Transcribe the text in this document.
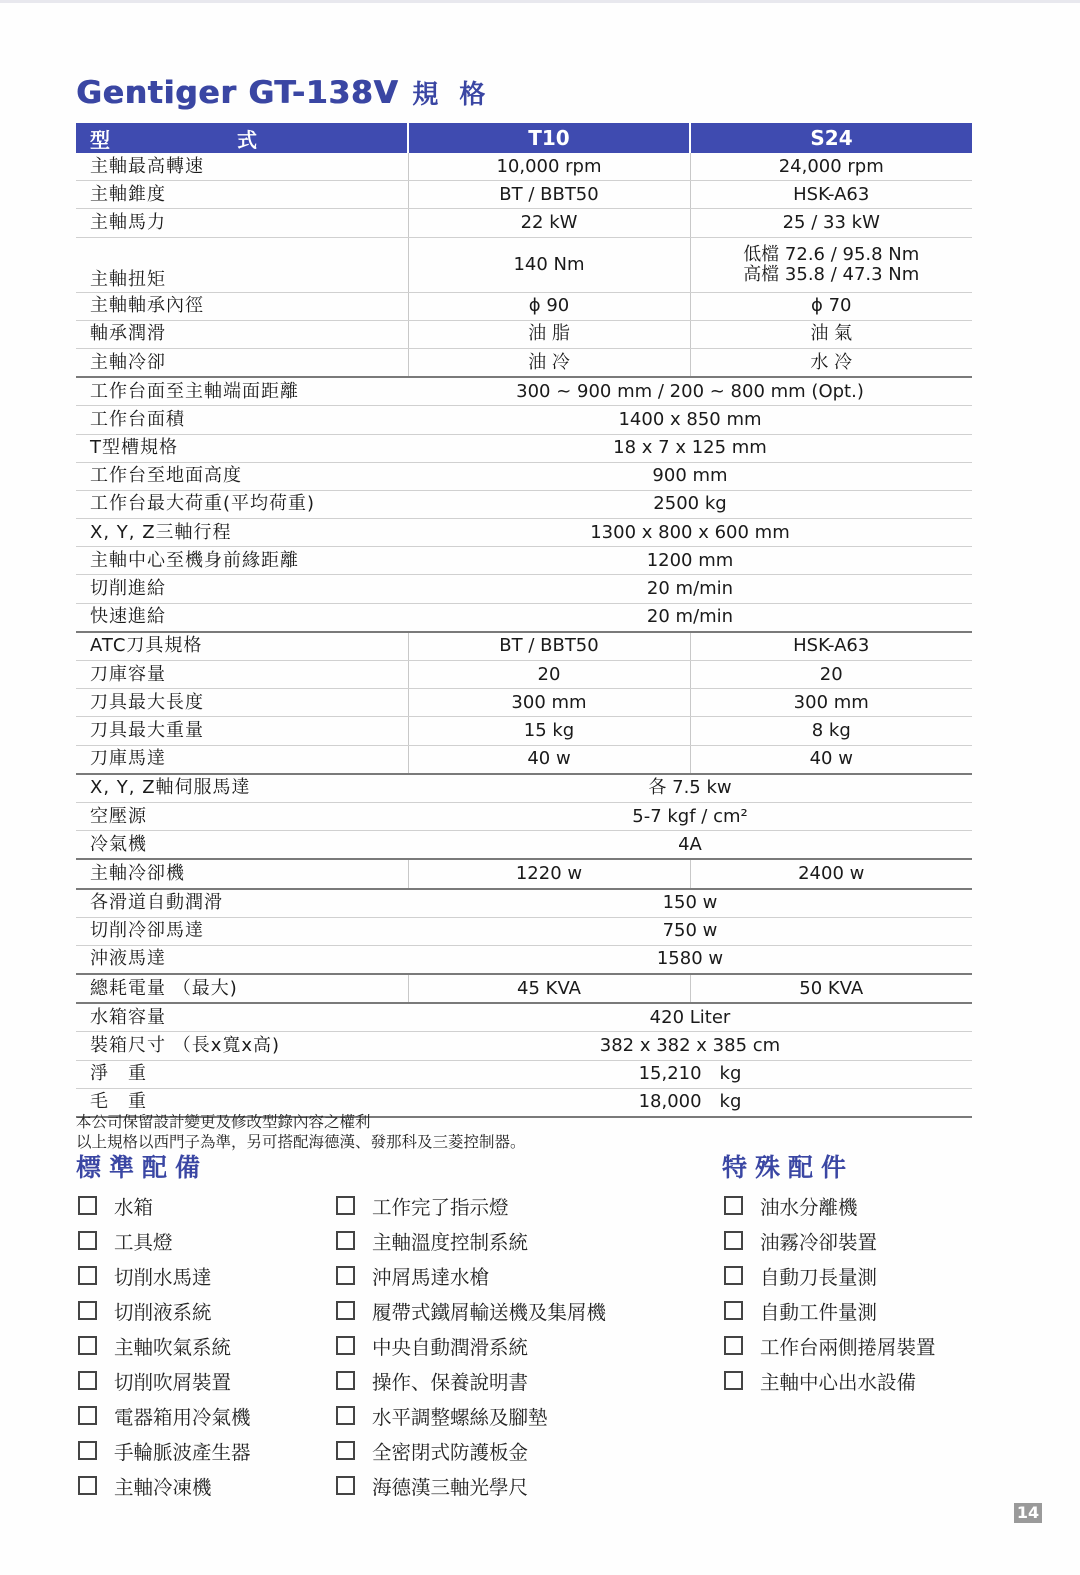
Gentiger GT-138V 規 格
型 式	T10	S24
主軸最高轉速	10,000 rpm	24,000 rpm
主軸錐度	BT / BBT50	HSK-A63
主軸馬力	22 kW	25 / 33 kW
主軸扭矩	140 Nm	低檔 72.6 / 95.8 Nm
高檔 35.8 / 47.3 Nm

主軸軸承內徑	ϕ 90	ϕ 70
軸承潤滑	油 脂	油 氣
主軸冷卻	油 冷	水 冷
工作台面至主軸端面距離	300 ~ 900 mm / 200 ~ 800 mm (Opt.)	
工作台面積	1400 x 850 mm	
T型槽規格	18 x 7 x 125 mm	
工作台至地面高度	900 mm	
工作台最大荷重(平均荷重)	2500 kg	
X, Y, Z三軸行程	1300 x 800 x 600 mm	
主軸中心至機身前緣距離	1200 mm	
切削進給	20 m/min	
快速進給	20 m/min	
ATC刀具規格	BT / BBT50	HSK-A63
刀庫容量	20	20
刀具最大長度	300 mm	300 mm
刀具最大重量	15 kg	8 kg
刀庫馬達	40 w	40 w
X, Y, Z軸伺服馬達	各 7.5 kw	
空壓源	5-7 kgf / cm²	
冷氣機	4A	
主軸冷卻機	1220 w	2400 w
各滑道自動潤滑	150 w	
切削冷卻馬達	750 w	
沖液馬達	1580 w	
總耗電量 （最大)	45 KVA	50 KVA
水箱容量	420 Liter	
裝箱尺寸 （長x寬x高)	382 x 382 x 385 cm	
淨　重	15,210　kg	
毛　重	18,000　kg	
本公司保留設計變更及修改型錄內容之權利
以上規格以西門子為準，另可搭配海德漢、發那科及三菱控制器。
標準配備	特殊配件
水箱
工具燈
切削水馬達
切削液系統
主軸吹氣系統
切削吹屑裝置
電器箱用冷氣機
手輪脈波產生器
主軸冷凍機
工作完了指示燈
主軸溫度控制系統
沖屑馬達水槍
履帶式鐵屑輸送機及集屑機
中央自動潤滑系統
操作、保養說明書
水平調整螺絲及腳墊
全密閉式防護板金
海德漢三軸光學尺
油水分離機
油霧冷卻裝置
自動刀長量測
自動工件量測
工作台兩側捲屑裝置
主軸中心出水設備
14
